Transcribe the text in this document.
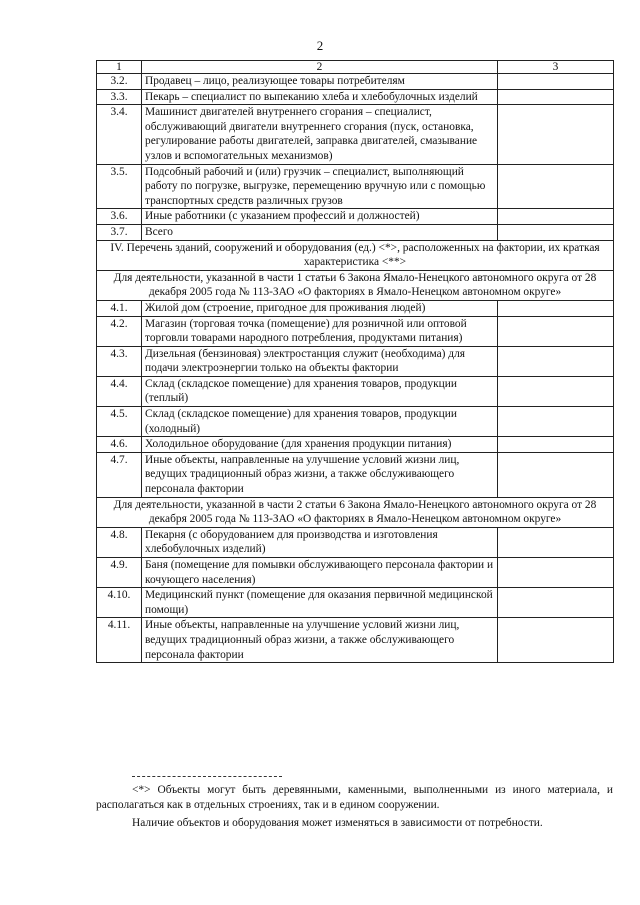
2
1	2	3
3.2.	Продавец – лицо, реализующее товары потребителям	
3.3.	Пекарь – специалист по выпеканию хлеба и хлебобулочных изделий	
3.4.	Машинист двигателей внутреннего сгорания – специалист, обслуживающий двигатели внутреннего сгорания (пуск, остановка, регулирование работы двигателей, заправка двигателей, смазывание узлов и вспомогательных механизмов)	
3.5.	Подсобный рабочий и (или) грузчик – специалист, выполняющий работу по погрузке, выгрузке, перемещению вручную или с помощью транспортных средств различных грузов	
3.6.	Иные работники (с указанием профессий и должностей)	
3.7.	Всего	
IV. Перечень зданий, сооружений и оборудования (ед.) <*>, расположенных на фактории, их краткая характеристика <**>		
Для деятельности, указанной в части 1 статьи 6 Закона Ямало-Ненецкого автономного округа от 28 декабря 2005 года № 113-ЗАО «О факториях в Ямало-Ненецком автономном округе»		
4.1.	Жилой дом (строение, пригодное для проживания людей)	
4.2.	Магазин (торговая точка (помещение) для розничной или оптовой торговли товарами народного потребления, продуктами питания)	
4.3.	Дизельная (бензиновая) электростанция служит (необходима) для подачи электроэнергии только на объекты фактории	
4.4.	Склад (складское помещение) для хранения товаров, продукции (теплый)	
4.5.	Склад (складское помещение) для хранения товаров, продукции (холодный)	
4.6.	Холодильное оборудование (для хранения продукции питания)	
4.7.	Иные объекты, направленные на улучшение условий жизни лиц, ведущих традиционный образ жизни, а также обслуживающего персонала фактории	
Для деятельности, указанной в части 2 статьи 6 Закона Ямало-Ненецкого автономного округа от 28 декабря 2005 года № 113-ЗАО «О факториях в Ямало-Ненецком автономном округе»		
4.8.	Пекарня (с оборудованием для производства и изготовления хлебобулочных изделий)	
4.9.	Баня (помещение для помывки обслуживающего персонала фактории и кочующего населения)	
4.10.	Медицинский пункт (помещение для оказания первичной медицинской помощи)	
4.11.	Иные объекты, направленные на улучшение условий жизни лиц, ведущих традиционный образ жизни, а также обслуживающего персонала фактории	

<*> Объекты могут быть деревянными, каменными, выполненными из иного материала, и располагаться как в отдельных строениях, так и в едином сооружении.

Наличие объектов и оборудования может изменяться в зависимости от потребности.
